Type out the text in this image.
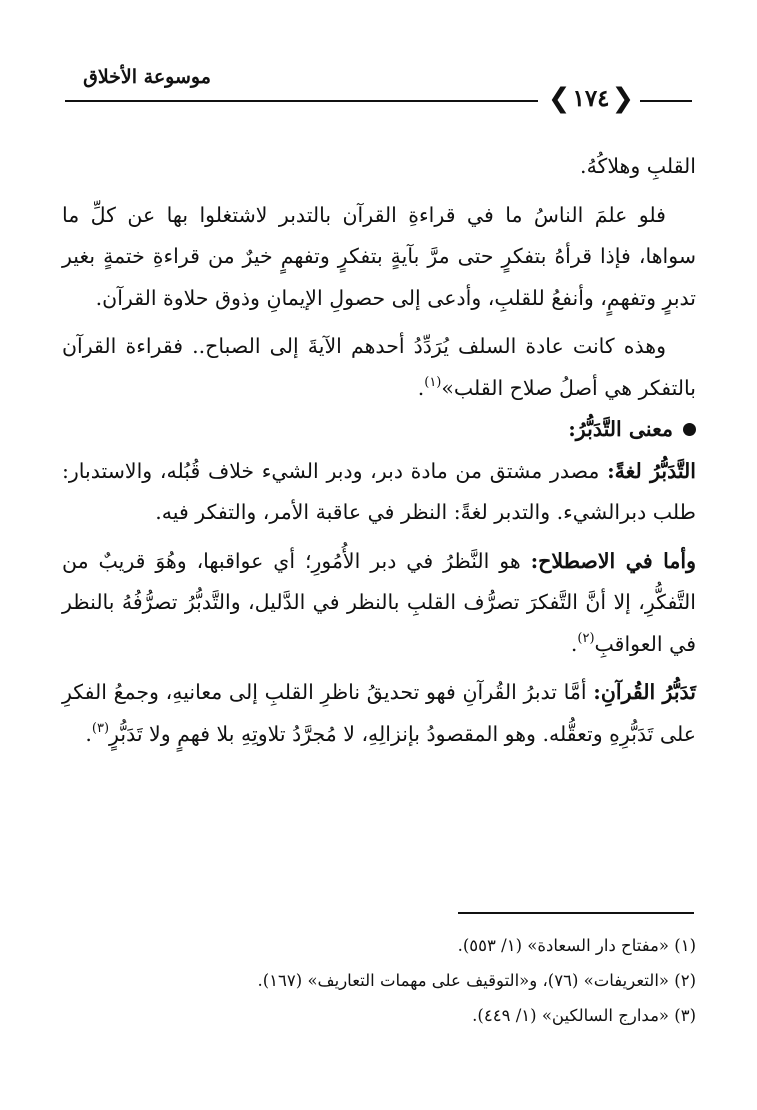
موسوعة الأخلاق
❮ ١٧٤ ❯

القلبِ وهلاكُهُ.

فلو علمَ الناسُ ما في قراءةِ القرآن بالتدبر لاشتغلوا بها عن كلِّ ما سواها، فإذا قرأهُ بتفكرٍ حتى مرَّ بآيةٍ بتفكرٍ وتفهمٍ خيرٌ من قراءةِ ختمةٍ بغير تدبرٍ وتفهمٍ، وأنفعُ للقلبِ، وأدعى إلى حصولِ الإيمانِ وذوق حلاوة القرآن.

وهذه كانت عادة السلف يُرَدِّدُ أحدهم الآيةَ إلى الصباح.. فقراءة القرآن بالتفكر هي أصلُ صلاح القلب»$^{(١)}$.

معنى التَّدَبُّرُ:

التَّدَبُّرُ لغةً: مصدر مشتق من مادة دبر، ودبر الشيء خلاف قُبُله، والاستدبار: طلب دبرالشيء. والتدبر لغةً: النظر في عاقبة الأمر، والتفكر فيه.

وأما في الاصطلاح: هو النَّظرُ في دبر الأُمُورِ؛ أي عواقبها، وهُوَ قريبٌ من التَّفكُّرِ، إلا أنَّ التَّفكرَ تصرُّف القلبِ بالنظر في الدَّليل، والتَّدبُّرُ تصرُّفُهُ بالنظر في العواقبِ$^{(٢)}$.

تَدَبُّرُ القُرآنِ: أمَّا تدبرُ القُرآنِ فهو تحديقُ ناظرِ القلبِ إلى معانيهِ، وجمعُ الفكرِ على تَدَبُّرِهِ وتعقُّله. وهو المقصودُ بإنزالِهِ، لا مُجرَّدُ تلاوتِهِ بلا فهمٍ ولا تَدَبُّرٍ$^{(٣)}$.

(١) «مفتاح دار السعادة» (١/ ٥٥٣).
(٢) «التعريفات» (٧٦)، و«التوقيف على مهمات التعاريف» (١٦٧).
(٣) «مدارج السالكين» (١/ ٤٤٩).
